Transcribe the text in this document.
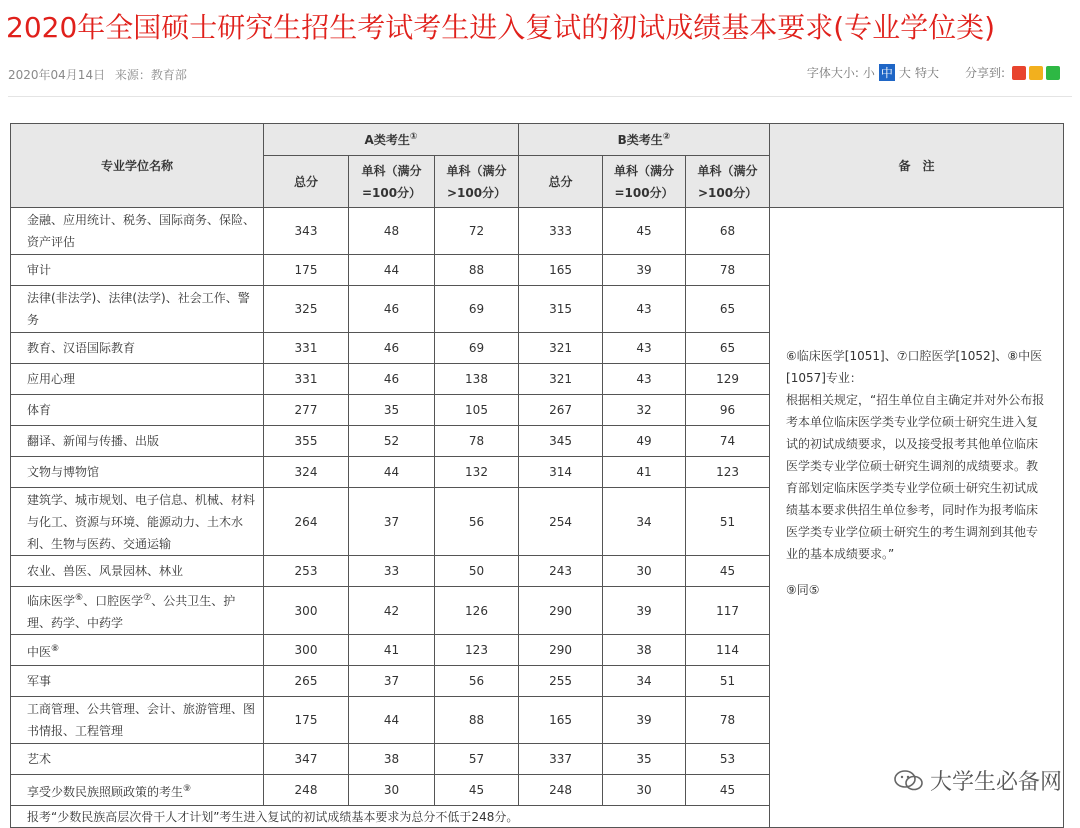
2020年全国硕士研究生招生考试考生进入复试的初试成绩基本要求(专业学位类)
2020年04月14日 来源：教育部	字体大小: 小 中 大 特大 分享到:
专业学位名称	A类考生①			B类考生②			备　注
	总分	单科（满分=100分）	单科（满分>100分）	总分	单科（满分=100分）	单科（满分>100分）	
金融、应用统计、税务、国际商务、保险、资产评估	343	48	72	333	45	68	⑥临床医学[1051]、⑦口腔医学[1052]、⑧中医[1057]专业：
根据相关规定，“招生单位自主确定并对外公布报考本单位临床医学类专业学位硕士研究生进入复试的初试成绩要求，以及接受报考其他单位临床医学类专业学位硕士研究生调剂的成绩要求。教育部划定临床医学类专业学位硕士研究生初试成绩基本要求供招生单位参考，同时作为报考临床医学类专业学位硕士研究生的考生调剂到其他专业的基本成绩要求。”
⑨同⑤

审计	175	44	88	165	39	78	
法律(非法学)、法律(法学)、社会工作、警务	325	46	69	315	43	65	
教育、汉语国际教育	331	46	69	321	43	65	
应用心理	331	46	138	321	43	129	
体育	277	35	105	267	32	96	
翻译、新闻与传播、出版	355	52	78	345	49	74	
文物与博物馆	324	44	132	314	41	123	
建筑学、城市规划、电子信息、机械、材料与化工、资源与环境、能源动力、土木水利、生物与医药、交通运输	264	37	56	254	34	51	
农业、兽医、风景园林、林业	253	33	50	243	30	45	
临床医学⑥、口腔医学⑦、公共卫生、护理、药学、中药学	300	42	126	290	39	117	
中医⑧	300	41	123	290	38	114	
军事	265	37	56	255	34	51	
工商管理、公共管理、会计、旅游管理、图书情报、工程管理	175	44	88	165	39	78	
艺术	347	38	57	337	35	53	
享受少数民族照顾政策的考生⑨	248	30	45	248	30	45	
报考“少数民族高层次骨干人才计划”考生进入复试的初试成绩基本要求为总分不低于248分。							
大学生必备网
